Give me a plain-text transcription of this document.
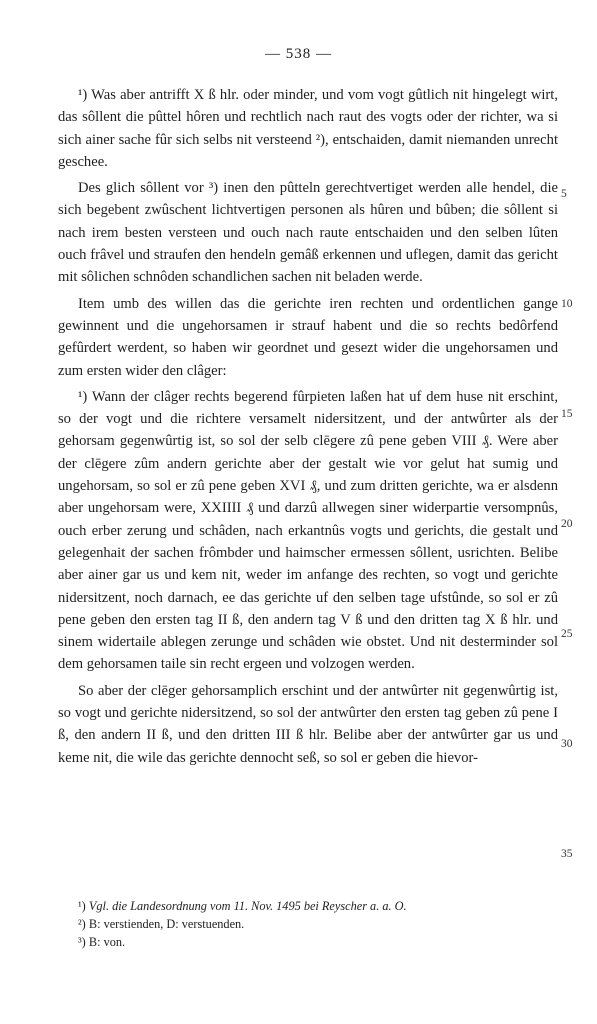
— 538 —

¹) Was aber antrifft X ß hlr. oder minder, und vom vogt gûtlich nit hingelegt wirt, das sôllent die pûttel hôren und rechtlich nach raut des vogts oder der richter, wa si sich ainer sache fûr sich selbs nit versteend ²), entschaiden, damit niemanden unrecht geschee.

Des glich sôllent vor ³) inen den pûtteln gerechtvertiget werden alle hendel, die sich begebent zwûschent lichtvertigen personen als hûren und bûben; die sôllent si nach irem besten versteen und ouch nach raute entschaiden und den selben lûten ouch frâvel und straufen den hendeln gemâß erkennen und uflegen, damit das gericht mit sôlichen schnôden schandlichen sachen nit beladen werde.

Item umb des willen das die gerichte iren rechten und ordentlichen gange gewinnent und die ungehorsamen ir strauf habent und die so rechts bedôrfend gefûrdert werdent, so haben wir geordnet und gesezt wider die ungehorsamen und zum ersten wider den clâger:

¹) Wann der clâger rechts begerend fûrpieten laßen hat uf dem huse nit erschint, so der vogt und die richtere versamelt nidersitzent, und der antwûrter als der gehorsam gegenwûrtig ist, so sol der selb clēgere zû pene geben VIII ₰. Were aber der clēgere zûm andern gerichte aber der gestalt wie vor gelut hat sumig und ungehorsam, so sol er zû pene geben XVI ₰, und zum dritten gerichte, wa er alsdenn aber ungehorsam were, XXIIII ₰ und darzû allwegen siner widerpartie versompnûs, ouch erber zerung und schâden, nach erkantnûs vogts und gerichts, die gestalt und gelegenhait der sachen frômbder und haimscher ermessen sôllent, usrichten. Belibe aber ainer gar us und kem nit, weder im anfange des rechten, so vogt und gerichte nidersitzent, noch darnach, ee das gerichte uf den selben tage ufstûnde, so sol er zû pene geben den ersten tag II ß, den andern tag V ß und den dritten tag X ß hlr. und sinem widertaile ablegen zerunge und schâden wie obstet. Und nit desterminder sol dem gehorsamen taile sin recht ergeen und volzogen werden.

So aber der clēger gehorsamplich erschint und der antwûrter nit gegenwûrtig ist, so vogt und gerichte nidersitzend, so sol der antwûrter den ersten tag geben zû pene I ß, den andern II ß, und den dritten III ß hlr. Belibe aber der antwûrter gar us und keme nit, die wile das gerichte dennocht seß, so sol er geben die hievor-

5
10
15
20
25
30
35

¹) Vgl. die Landesordnung vom 11. Nov. 1495 bei Reyscher a. a. O.

²) B: verstienden, D: verstuenden.

³) B: von.
